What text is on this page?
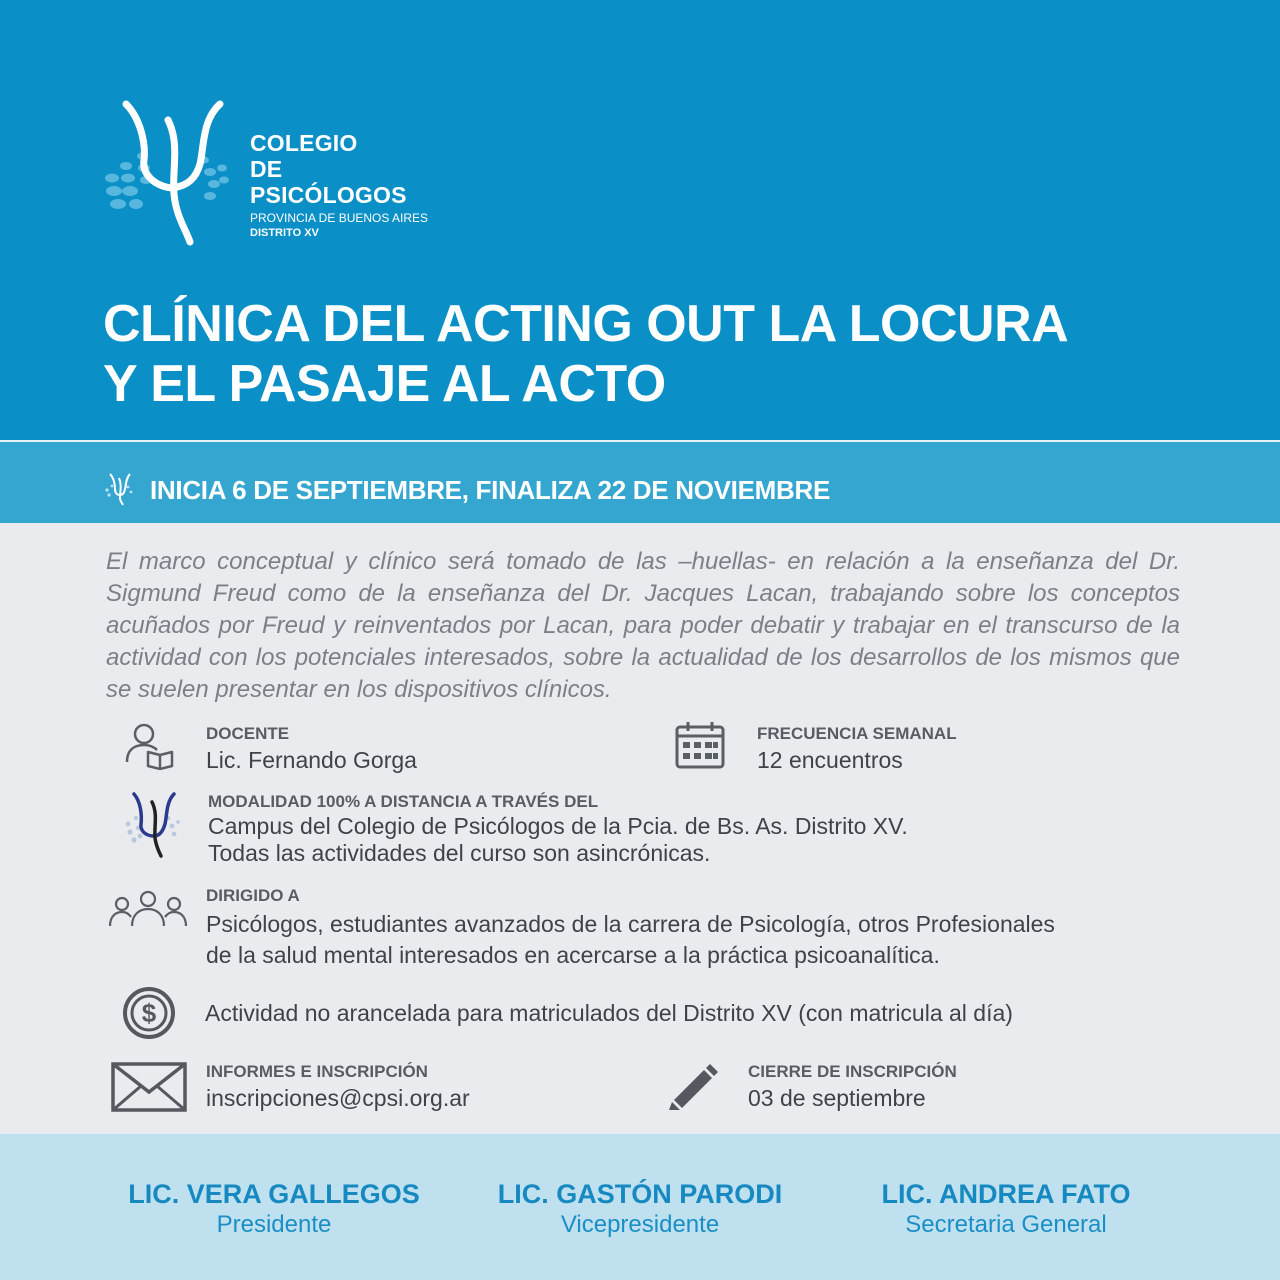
COLEGIO
DE PSICÓLOGOS
PROVINCIA DE BUENOS AIRES
DISTRITO XV
CLÍNICA DEL ACTING OUT LA LOCURA
Y EL PASAJE AL ACTO
INICIA 6 DE SEPTIEMBRE, FINALIZA 22 DE NOVIEMBRE
El marco conceptual y clínico será tomado de las –huellas- en relación a la enseñanza del Dr. Sigmund Freud como de la enseñanza del Dr. Jacques Lacan, trabajando sobre los conceptos acuñados por Freud y reinventados por Lacan, para poder debatir y trabajar en el transcurso de la actividad con los potenciales interesados, sobre la actualidad de los desarrollos de los mismos que se suelen presentar en los dispositivos clínicos.
DOCENTE
Lic. Fernando Gorga
FRECUENCIA SEMANAL
12 encuentros
MODALIDAD 100% A DISTANCIA A TRAVÉS DEL
Campus del Colegio de Psicólogos de la Pcia. de Bs. As. Distrito XV.
Todas las actividades del curso son asincrónicas.
DIRIGIDO A
Psicólogos, estudiantes avanzados de la carrera de Psicología, otros Profesionales
de la salud mental interesados en acercarse a la práctica psicoanalítica.
$ Actividad no arancelada para matriculados del Distrito XV (con matricula al día)
INFORMES E INSCRIPCIÓN
inscripciones@cpsi.org.ar
CIERRE DE INSCRIPCIÓN
03 de septiembre
LIC. VERA GALLEGOS
Presidente
LIC. GASTÓN PARODI
Vicepresidente
LIC. ANDREA FATO
Secretaria General
